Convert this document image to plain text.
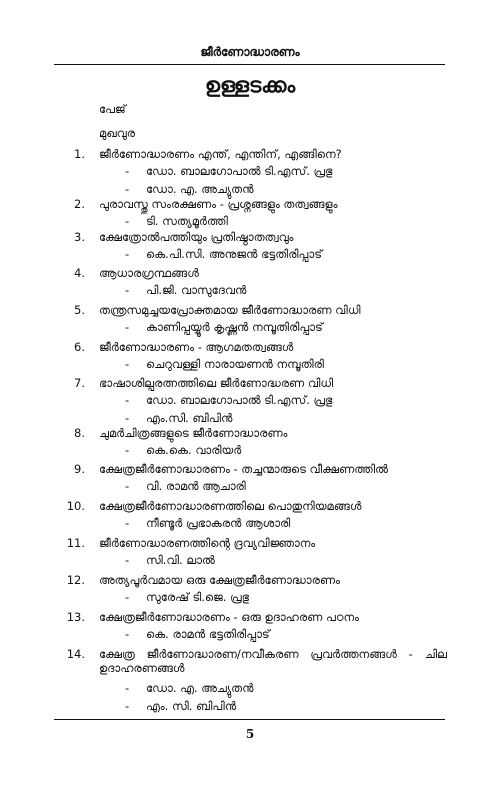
ജീർണോദ്ധാരണം
ഉള്ളടക്കം
പേജ്
മുഖവുര
1. ജീർണോദ്ധാരണം എന്ത്, എന്തിന്, എങ്ങിനെ?
- ഡോ. ബാലഗോപാൽ ടി.എസ്. പ്രഭു
- ഡോ. എ. അച്യുതൻ
2. പുരാവസ്തു സംരക്ഷണം - പ്രശ്നങ്ങളും തത്വങ്ങളും
- ടി. സത്യമൂർത്തി
3. ക്ഷേത്രോൽപത്തിയും പ്രതിഷ്ഠാതത്വവും
- കെ.പി.സി. അനുജൻ ഭട്ടതിരിപ്പാട്
4. ആധാരഗ്രന്ഥങ്ങൾ
- പി.ജി. വാസുദേവൻ
5. തന്ത്രസമുച്ചയപ്രോക്തമായ ജീർണോദ്ധാരണ വിധി
- കാണിപ്പയ്യൂർ കൃഷ്ണൻ നമ്പൂതിരിപ്പാട്
6. ജീർണോദ്ധാരണം - ആഗമതത്വങ്ങൾ
- ചെറുവള്ളി നാരായണൻ നമ്പൂതിരി
7. ഭാഷാശില്പരത്നത്തിലെ ജീർണോദ്ധരണ വിധി
- ഡോ. ബാലഗോപാൽ ടി.എസ്. പ്രഭു
- എം.സി. ബിപിൻ
8. ചുമർചിത്രങ്ങളുടെ ജീർണോദ്ധാരണം
- കെ.കെ. വാരിയർ
9. ക്ഷേത്രജീർണോദ്ധാരണം - തച്ചന്മാരുടെ വീക്ഷണത്തിൽ
- വി. രാമൻ ആചാരി
10. ക്ഷേത്രജീർണോദ്ധാരണത്തിലെ പൊതുനിയമങ്ങൾ
- നീണ്ടൂർ പ്രഭാകരൻ ആശാരി
11. ജീർണോദ്ധാരണത്തിന്റെ ദ്രവ്യവിജ്ഞാനം
- സി.വി. ലാൽ
12. അത്യപൂർവമായ ഒരു ക്ഷേത്രജീർണോദ്ധാരണം
- സുരേഷ് ടി.ജെ. പ്രഭു
13. ക്ഷേത്രജീർണോദ്ധാരണം - ഒരു ഉദാഹരണ പഠനം
- കെ. രാമൻ ഭട്ടതിരിപ്പാട്
14. ക്ഷേത്ര ജീർണോദ്ധാരണ/നവീകരണ പ്രവർത്തനങ്ങൾ - ചില ഉദാഹരണങ്ങൾ
- ഡോ. എ. അച്യുതൻ
- എം. സി. ബിപിൻ
5
